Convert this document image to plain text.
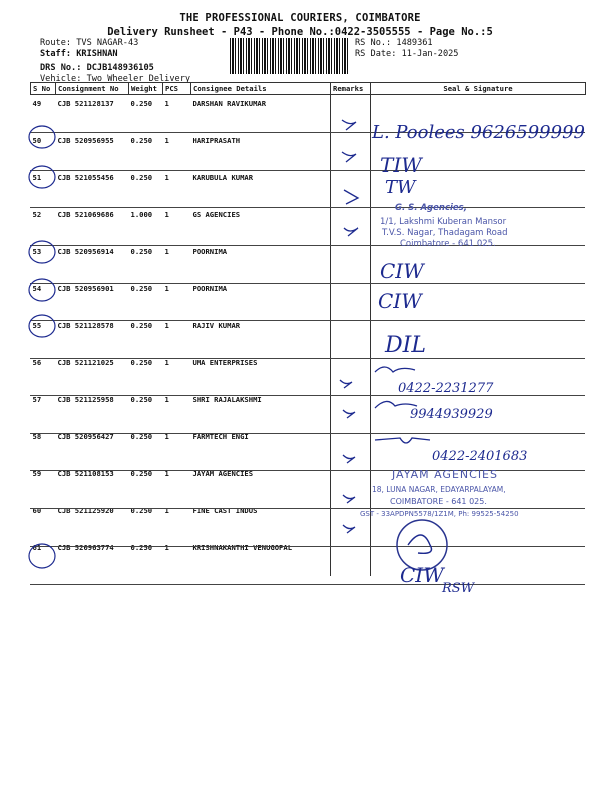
THE PROFESSIONAL COURIERS, COIMBATORE
Delivery Runsheet - P43 - Phone No.:0422-3505555 - Page No.:5
Route: TVS NAGAR-43
Staff: KRISHNAN
DRS No.: DCJB148936105
Vehicle: Two Wheeler Delivery
RS No.: 1489361
RS Date: 11-Jan-2025
S No	Consignment No	Weight	PCS	Consignee Details	Remarks	Seal & Signature
49	CJB 521128137	0.250	1	DARSHAN RAVIKUMAR		
50	CJB 520956955	0.250	1	HARIPRASATH		
51	CJB 521055456	0.250	1	KARUBULA KUMAR		
52	CJB 521069686	1.000	1	GS AGENCIES		
53	CJB 520956914	0.250	1	POORNIMA		
54	CJB 520956901	0.250	1	POORNIMA		
55	CJB 521128578	0.250	1	RAJIV KUMAR		
56	CJB 521121025	0.250	1	UMA ENTERPRISES		
57	CJB 521125958	0.250	1	SHRI RAJALAKSHMI		
58	CJB 520956427	0.250	1	FARMTECH ENGI		
59	CJB 521108153	0.250	1	JAYAM AGENCIES		
60	CJB 521125920	0.250	1	FINE CAST INDUS		
61	CJB 520963774	0.250	1	KRISHNAKANTHI VENUGOPAL		
L. Poolees 9626599999
TIW
TW
CIW
CIW
DIL
0422-2231277
9944939929
0422-2401683
G. S. Agencies,
1/1, Lakshmi Kuberan Mansor
T.V.S. Nagar, Thadagam Road
Coimbatore - 641 025.
JAYAM AGENCIES
18, LUNA NAGAR, EDAYARPALAYAM,
COIMBATORE - 641 025.
GST - 33APDPN5578/1Z1M, Ph: 99525-54250
CIW
RSW
